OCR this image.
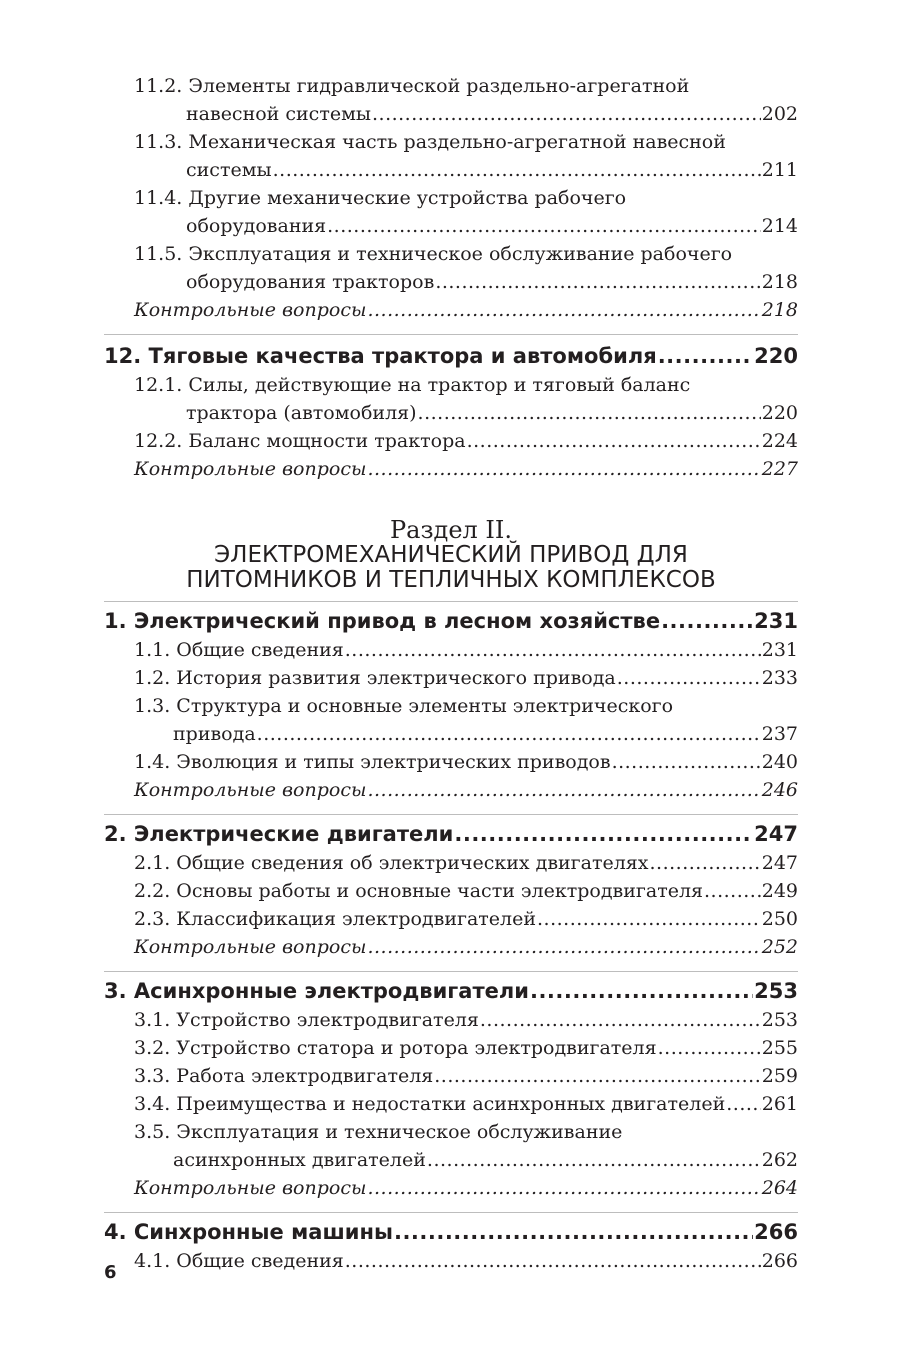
11.2. Элементы гидравлической раздельно-агрегатной
навесной системы .....	202
11.3. Механическая часть раздельно-агрегатной навесной
системы .....	211
11.4. Другие механические устройства рабочего
оборудования .....	214
11.5. Эксплуатация и техническое обслуживание рабочего
оборудования тракторов .....	218
Контрольные вопросы .....	218
12. Тяговые качества трактора и автомобиля .....	220
12.1. Силы, действующие на трактор и тяговый баланс
трактора (автомобиля) .....	220
12.2. Баланс мощности трактора .....	224
Контрольные вопросы .....	227
Раздел II.
ЭЛЕКТРОМЕХАНИЧЕСКИЙ ПРИВОД ДЛЯ
ПИТОМНИКОВ И ТЕПЛИЧНЫХ КОМПЛЕКСОВ
1. Электрический привод в лесном хозяйстве .....	231
1.1. Общие сведения .....	231
1.2. История развития электрического привода .....	233
1.3. Структура и основные элементы электрического
привода .....	237
1.4. Эволюция и типы электрических приводов .....	240
Контрольные вопросы .....	246
2. Электрические двигатели .....	247
2.1. Общие сведения об электрических двигателях .....	247
2.2. Основы работы и основные части электродвигателя .....	249
2.3. Классификация электродвигателей .....	250
Контрольные вопросы .....	252
3. Асинхронные электродвигатели .....	253
3.1. Устройство электродвигателя .....	253
3.2. Устройство статора и ротора электродвигателя .....	255
3.3. Работа электродвигателя .....	259
3.4. Преимущества и недостатки асинхронных двигателей ..... 261
3.5. Эксплуатация и техническое обслуживание
асинхронных двигателей .....	262
Контрольные вопросы .....	264
4. Синхронные машины .....	266
4.1. Общие сведения .....	266
6
